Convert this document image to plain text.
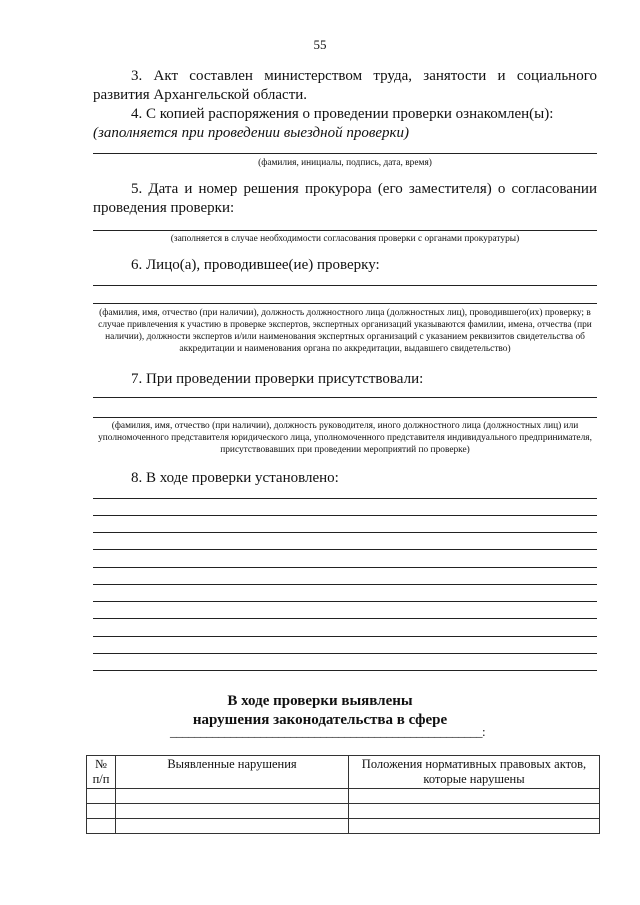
55
3. Акт составлен министерством труда, занятости и социального развития Архангельской области.
4. С копией распоряжения о проведении проверки ознакомлен(ы):
(заполняется при проведении выездной проверки)
(фамилия, инициалы, подпись, дата, время)
5. Дата и номер решения прокурора (его заместителя) о согласовании проведения проверки:
(заполняется в случае необходимости согласования проверки с органами прокуратуры)
6. Лицо(а), проводившее(ие) проверку:
(фамилия, имя, отчество (при наличии), должность должностного лица (должностных лиц), проводившего(их) проверку; в случае привлечения к участию в проверке экспертов, экспертных организаций указываются фамилии, имена, отчества (при наличии), должности экспертов и/или наименования экспертных организаций с указанием реквизитов свидетельства об аккредитации и наименования органа по аккредитации, выдавшего свидетельство)
7. При проведении проверки присутствовали:
(фамилия, имя, отчество (при наличии), должность руководителя, иного должностного лица (должностных лиц) или уполномоченного представителя юридического лица, уполномоченного представителя индивидуального предпринимателя, присутствовавших при проведении мероприятий по проверке)
8. В ходе проверки установлено:
В ходе проверки выявлены
нарушения законодательства в сфере
____________________________________________________:
№ п/п	Выявленные нарушения	Положения нормативных правовых актов, которые нарушены
